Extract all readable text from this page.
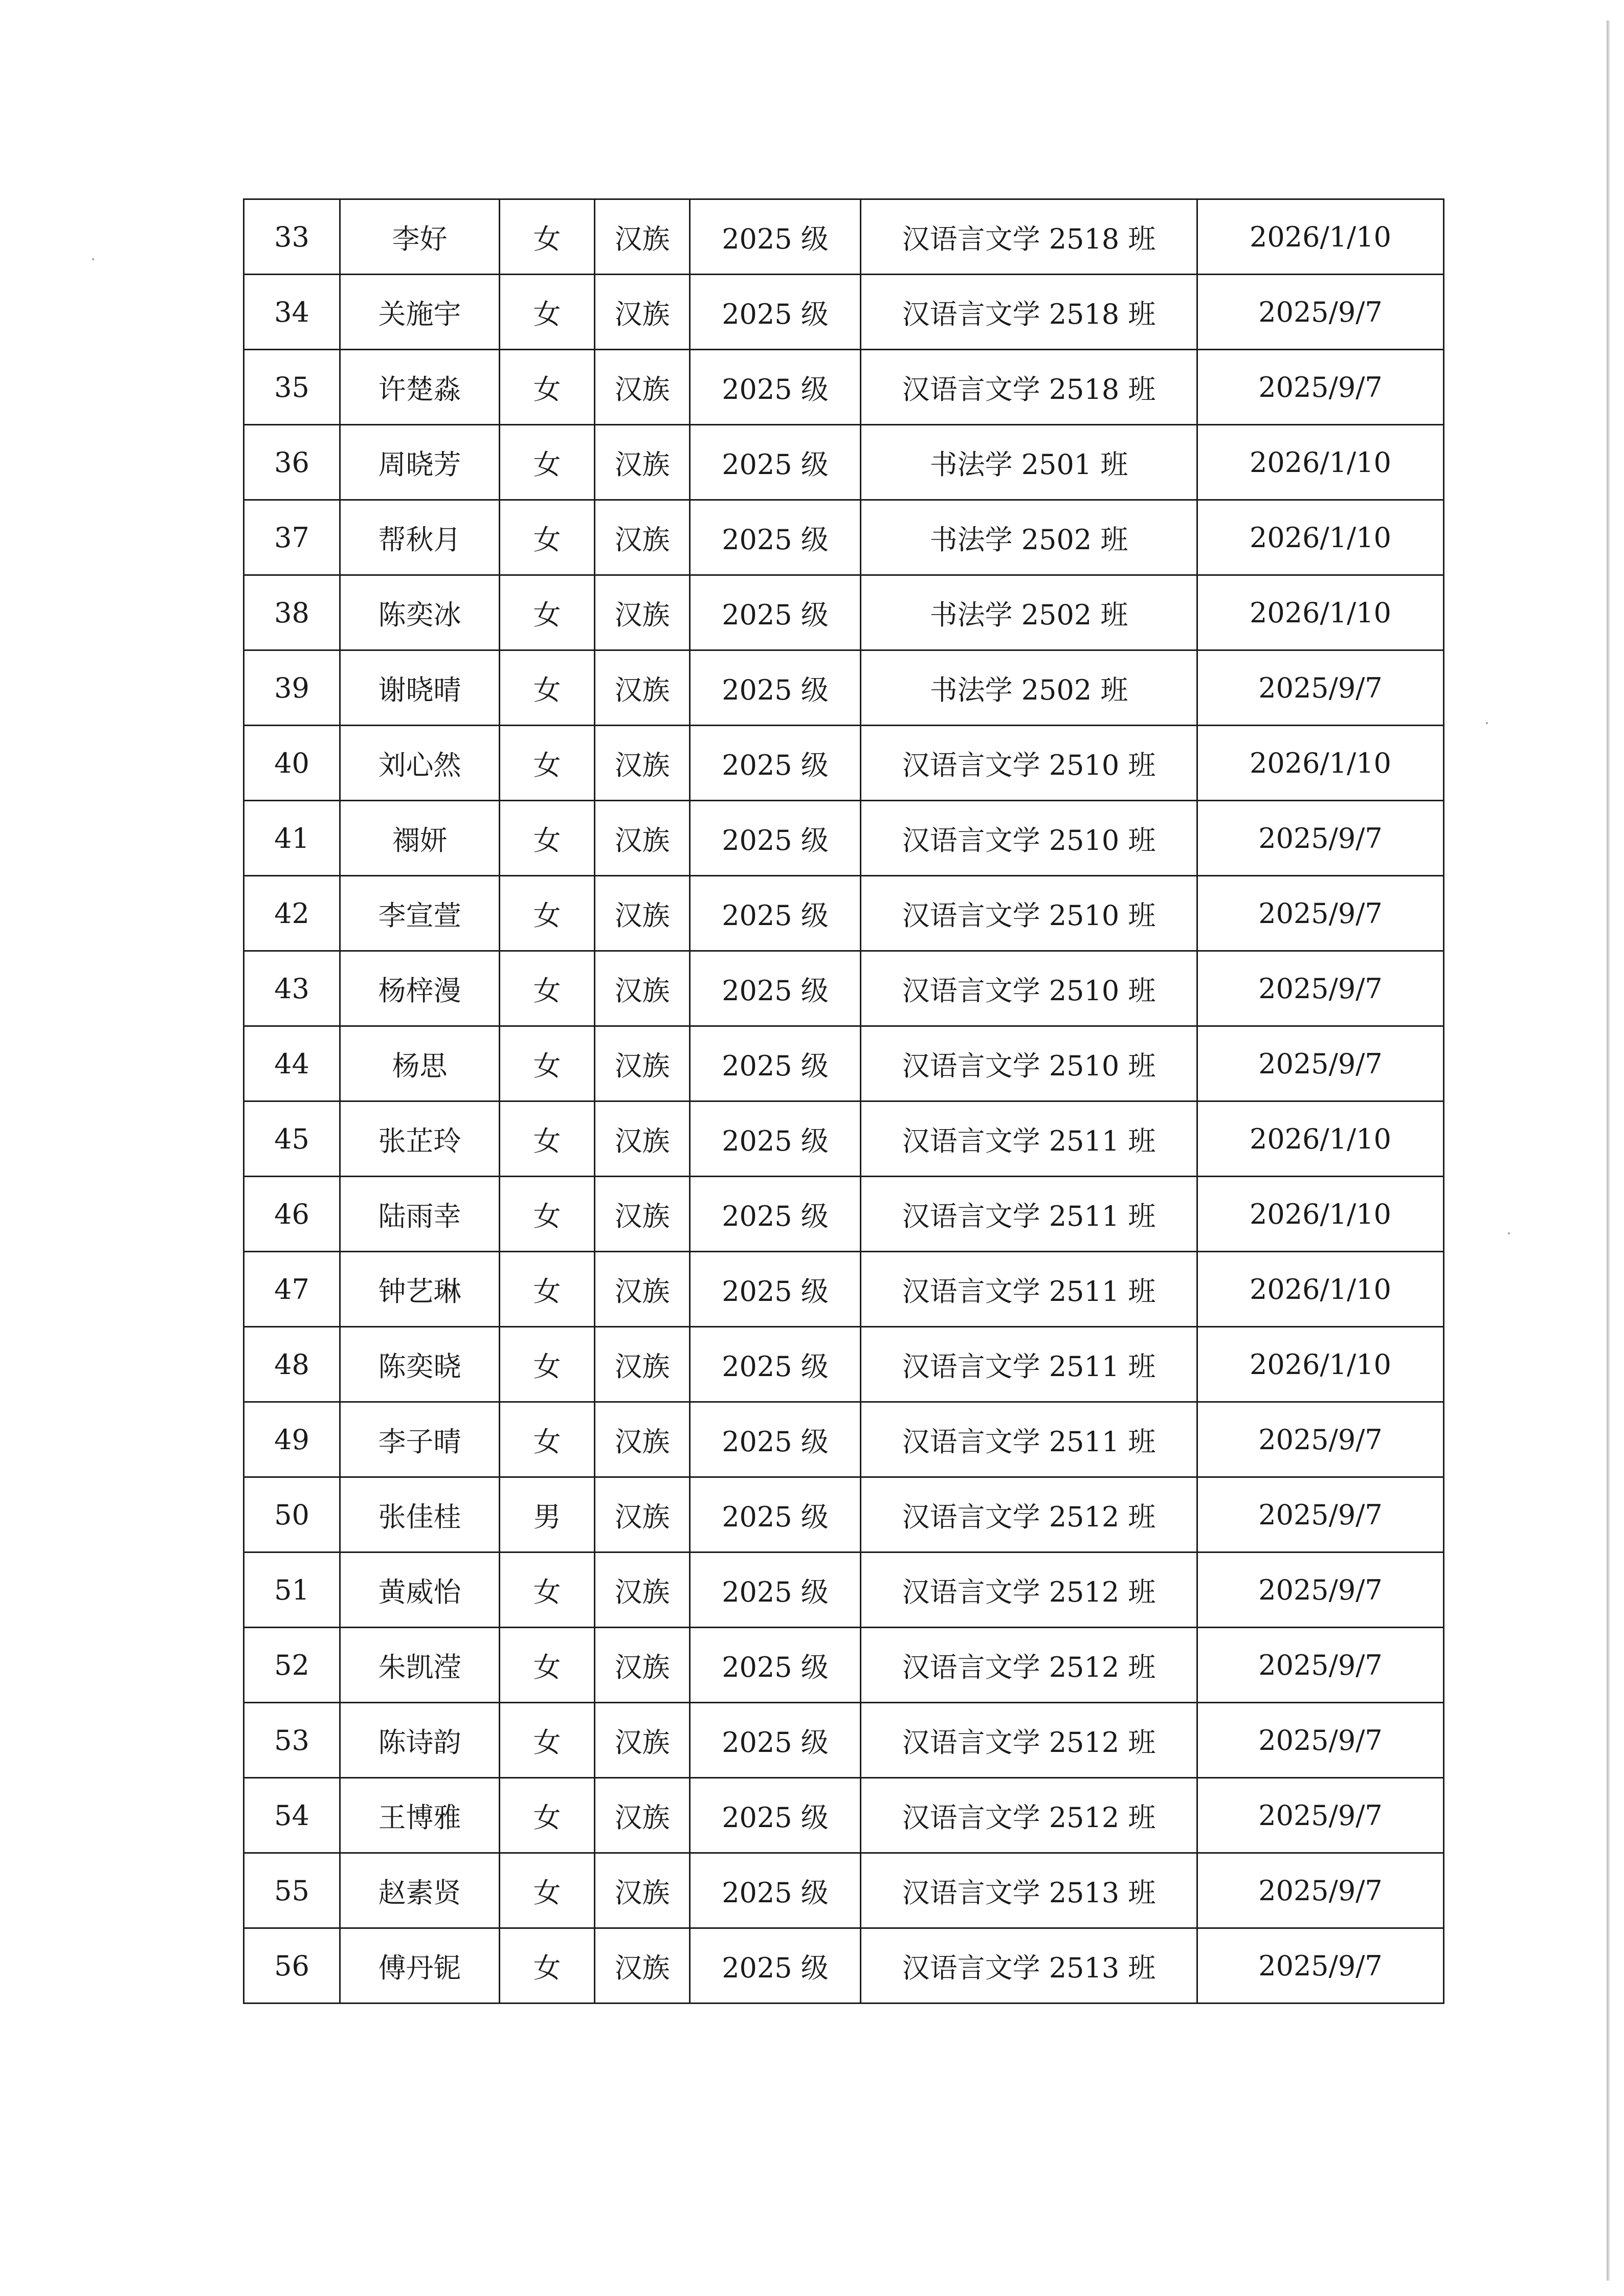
33	李好	女	汉族	2025 级	汉语言文学 2518 班	2026/1/10
34	关施宇	女	汉族	2025 级	汉语言文学 2518 班	2025/9/7
35	许楚淼	女	汉族	2025 级	汉语言文学 2518 班	2025/9/7
36	周晓芳	女	汉族	2025 级	书法学 2501 班	2026/1/10
37	帮秋月	女	汉族	2025 级	书法学 2502 班	2026/1/10
38	陈奕冰	女	汉族	2025 级	书法学 2502 班	2026/1/10
39	谢晓晴	女	汉族	2025 级	书法学 2502 班	2025/9/7
40	刘心然	女	汉族	2025 级	汉语言文学 2510 班	2026/1/10
41	禤妍	女	汉族	2025 级	汉语言文学 2510 班	2025/9/7
42	李宣萱	女	汉族	2025 级	汉语言文学 2510 班	2025/9/7
43	杨梓漫	女	汉族	2025 级	汉语言文学 2510 班	2025/9/7
44	杨思	女	汉族	2025 级	汉语言文学 2510 班	2025/9/7
45	张芷玲	女	汉族	2025 级	汉语言文学 2511 班	2026/1/10
46	陆雨幸	女	汉族	2025 级	汉语言文学 2511 班	2026/1/10
47	钟艺琳	女	汉族	2025 级	汉语言文学 2511 班	2026/1/10
48	陈奕晓	女	汉族	2025 级	汉语言文学 2511 班	2026/1/10
49	李子晴	女	汉族	2025 级	汉语言文学 2511 班	2025/9/7
50	张佳桂	男	汉族	2025 级	汉语言文学 2512 班	2025/9/7
51	黄威怡	女	汉族	2025 级	汉语言文学 2512 班	2025/9/7
52	朱凯滢	女	汉族	2025 级	汉语言文学 2512 班	2025/9/7
53	陈诗韵	女	汉族	2025 级	汉语言文学 2512 班	2025/9/7
54	王博雅	女	汉族	2025 级	汉语言文学 2512 班	2025/9/7
55	赵素贤	女	汉族	2025 级	汉语言文学 2513 班	2025/9/7
56	傅丹铌	女	汉族	2025 级	汉语言文学 2513 班	2025/9/7
